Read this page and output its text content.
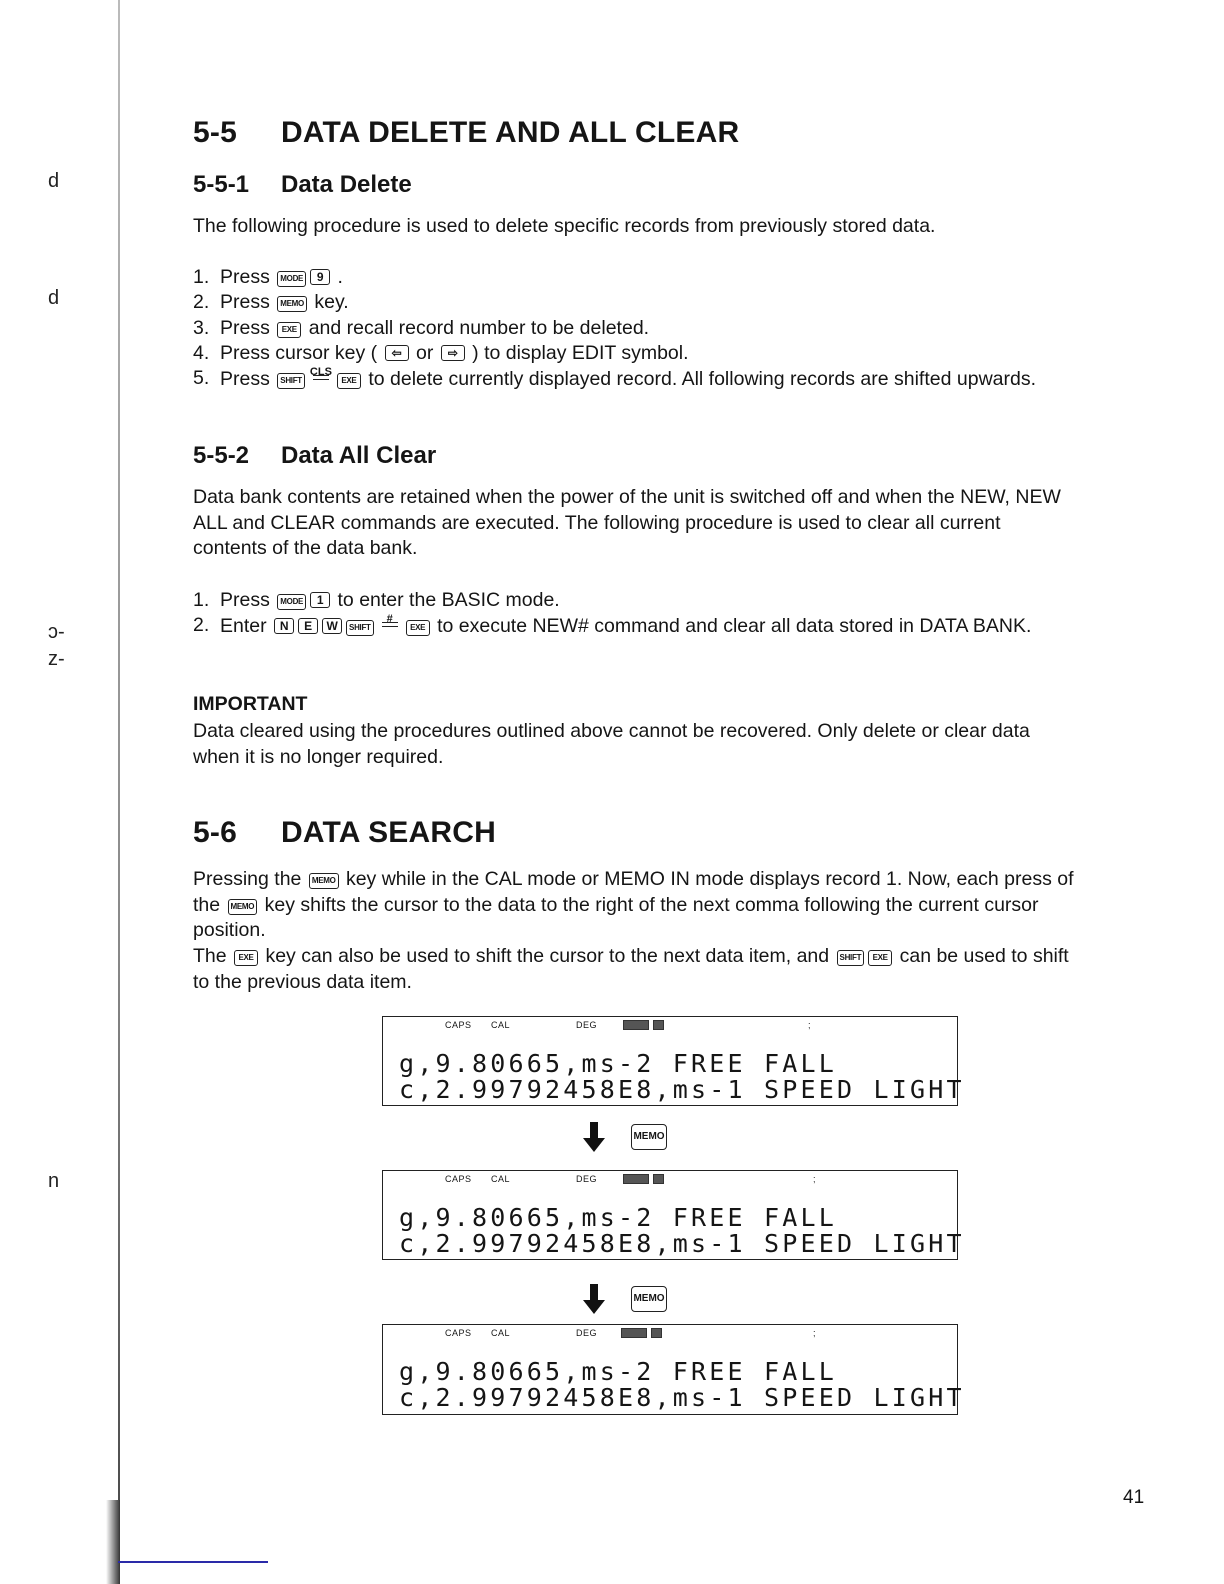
d
d
ɔ-
z-
n
5-5 DATA DELETE AND ALL CLEAR
5-5-1 Data Delete

The following procedure is used to delete specific records from previously stored data.

1. Press MODE 9 .
2. Press MEMO key.
3. Press EXE and recall record number to be deleted.
4. Press cursor key ( ⇦ or ⇨ ) to display EDIT symbol.
5. Press SHIFT
CLS
EXE to delete currently displayed record. All following records are shifted upwards.
5-5-2 Data All Clear

Data bank contents are retained when the power of the unit is switched off and when the NEW, NEW ALL and CLEAR commands are executed. The following procedure is used to clear all current contents of the data bank.

1. Press MODE 1 to enter the BASIC mode.
2. Enter N E W SHIFT
#
EXE to execute NEW# command and clear all data stored in DATA BANK.

IMPORTANT

Data cleared using the procedures outlined above cannot be recovered. Only delete or clear data when it is no longer required.

5-6 DATA SEARCH

Pressing the MEMO key while in the CAL mode or MEMO IN mode displays record 1. Now, each press of the MEMO key shifts the cursor to the data to the right of the next comma following the current cursor position.

The EXE key can also be used to shift the cursor to the next data item, and SHIFT EXE can be used to shift to the previous data item.

CAPS CAL	DEG	;
g,9.80665,ms-2 FREE FALL
c,2.99792458E8,ms-1 SPEED LIGHT
MEMO
CAPS CAL	DEG	;
g,9.80665,ms-2 FREE FALL
c,2.99792458E8,ms-1 SPEED LIGHT
MEMO
CAPS CAL	DEG	;
g,9.80665,ms-2 FREE FALL
c,2.99792458E8,ms-1 SPEED LIGHT
41
